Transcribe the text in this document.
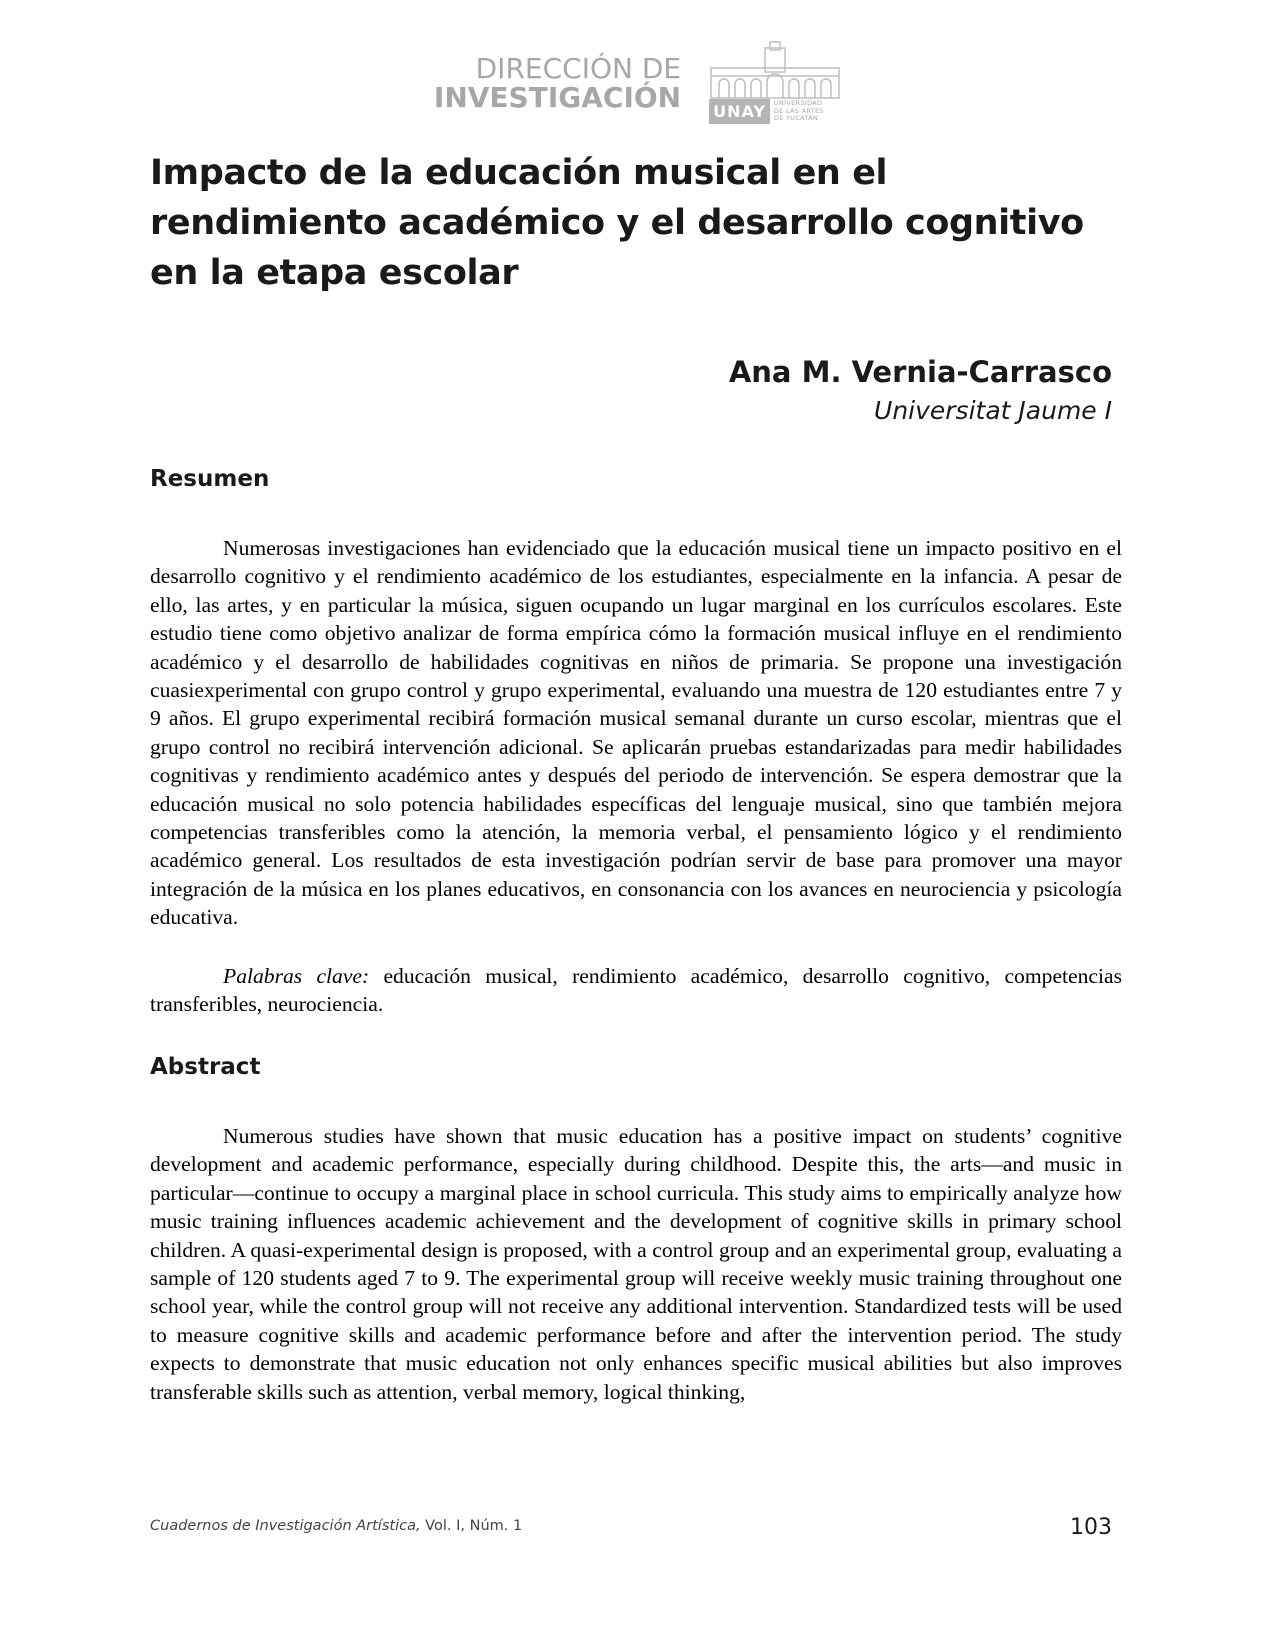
DIRECCIÓN DE
INVESTIGACIÓN UNAY	UNIVERSIDAD
DE LAS ARTES
DE YUCATÁN
Impacto de la educación musical en el rendimiento académico y el desarrollo cognitivo en la etapa escolar
Ana M. Vernia-Carrasco
Universitat Jaume I
Resumen

Numerosas investigaciones han evidenciado que la educación musical tiene un impacto positivo en el desarrollo cognitivo y el rendimiento académico de los estudiantes, especialmente en la infancia. A pesar de ello, las artes, y en particular la música, siguen ocupando un lugar marginal en los currículos escolares. Este estudio tiene como objetivo analizar de forma empírica cómo la formación musical influye en el rendimiento académico y el desarrollo de habilidades cognitivas en niños de primaria. Se propone una investigación cuasiexperimental con grupo control y grupo experimental, evaluando una muestra de 120 estudiantes entre 7 y 9 años. El grupo experimental recibirá formación musical semanal durante un curso escolar, mientras que el grupo control no recibirá intervención adicional. Se aplicarán pruebas estandarizadas para medir habilidades cognitivas y rendimiento académico antes y después del periodo de intervención. Se espera demostrar que la educación musical no solo potencia habilidades específicas del lenguaje musical, sino que también mejora competencias transferibles como la atención, la memoria verbal, el pensamiento lógico y el rendimiento académico general. Los resultados de esta investigación podrían servir de base para promover una mayor integración de la música en los planes educativos, en consonancia con los avances en neurociencia y psicología educativa.

Palabras clave: educación musical, rendimiento académico, desarrollo cognitivo, competencias transferibles, neurociencia.

Abstract

Numerous studies have shown that music education has a positive impact on students’ cognitive development and academic performance, especially during childhood. Despite this, the arts—and music in particular—continue to occupy a marginal place in school curricula. This study aims to empirically analyze how music training influences academic achievement and the development of cognitive skills in primary school children. A quasi-experimental design is proposed, with a control group and an experimental group, evaluating a sample of 120 students aged 7 to 9. The experimental group will receive weekly music training throughout one school year, while the control group will not receive any additional intervention. Standardized tests will be used to measure cognitive skills and academic performance before and after the intervention period. The study expects to demonstrate that music education not only enhances specific musical abilities but also improves transferable skills such as attention, verbal memory, logical thinking,

Cuadernos de Investigación Artística, Vol. I, Núm. 1	103
